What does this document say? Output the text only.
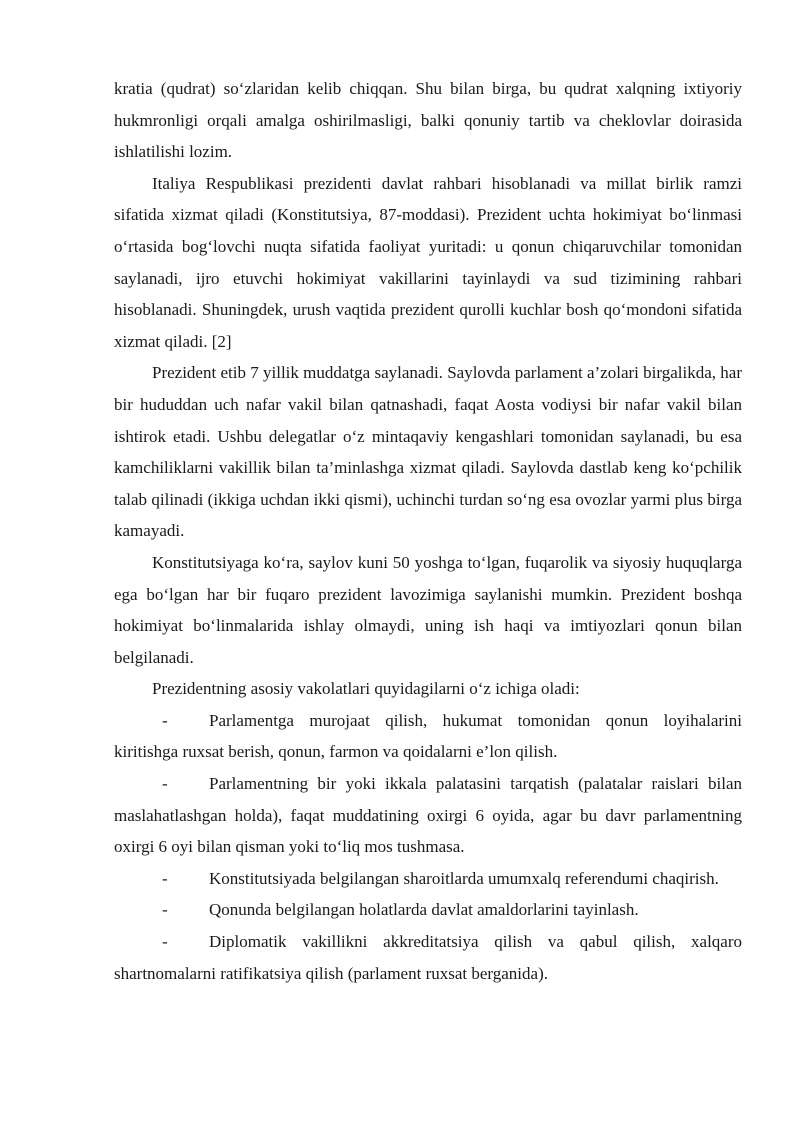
kratia (qudrat) so‘zlaridan kelib chiqqan. Shu bilan birga, bu qudrat xalqning ixtiyoriy hukmronligi orqali amalga oshirilmasligi, balki qonuniy tartib va cheklovlar doirasida ishlatilishi lozim.

Italiya Respublikasi prezidenti davlat rahbari hisoblanadi va millat birlik ramzi sifatida xizmat qiladi (Konstitutsiya, 87-moddasi). Prezident uchta hokimiyat bo‘linmasi o‘rtasida bog‘lovchi nuqta sifatida faoliyat yuritadi: u qonun chiqaruvchilar tomonidan saylanadi, ijro etuvchi hokimiyat vakillarini tayinlaydi va sud tizimining rahbari hisoblanadi. Shuningdek, urush vaqtida prezident qurolli kuchlar bosh qo‘mondoni sifatida xizmat qiladi. [2]

Prezident etib 7 yillik muddatga saylanadi. Saylovda parlament a’zolari birgalikda, har bir hududdan uch nafar vakil bilan qatnashadi, faqat Aosta vodiysi bir nafar vakil bilan ishtirok etadi. Ushbu delegatlar o‘z mintaqaviy kengashlari tomonidan saylanadi, bu esa kamchiliklarni vakillik bilan ta’minlashga xizmat qiladi. Saylovda dastlab keng ko‘pchilik talab qilinadi (ikkiga uchdan ikki qismi), uchinchi turdan so‘ng esa ovozlar yarmi plus birga kamayadi.

Konstitutsiyaga ko‘ra, saylov kuni 50 yoshga to‘lgan, fuqarolik va siyosiy huquqlarga ega bo‘lgan har bir fuqaro prezident lavozimiga saylanishi mumkin. Prezident boshqa hokimiyat bo‘linmalarida ishlay olmaydi, uning ish haqi va imtiyozlari qonun bilan belgilanadi.

Prezidentning asosiy vakolatlari quyidagilarni o‘z ichiga oladi:

- Parlamentga murojaat qilish, hukumat tomonidan qonun loyihalarini kiritishga ruxsat berish, qonun, farmon va qoidalarni e’lon qilish.

- Parlamentning bir yoki ikkala palatasini tarqatish (palatalar raislari bilan maslahatlashgan holda), faqat muddatining oxirgi 6 oyida, agar bu davr parlamentning oxirgi 6 oyi bilan qisman yoki to‘liq mos tushmasa.

- Konstitutsiyada belgilangan sharoitlarda umumxalq referendumi chaqirish.

- Qonunda belgilangan holatlarda davlat amaldorlarini tayinlash.

- Diplomatik vakillikni akkreditatsiya qilish va qabul qilish, xalqaro shartnomalarni ratifikatsiya qilish (parlament ruxsat berganida).
